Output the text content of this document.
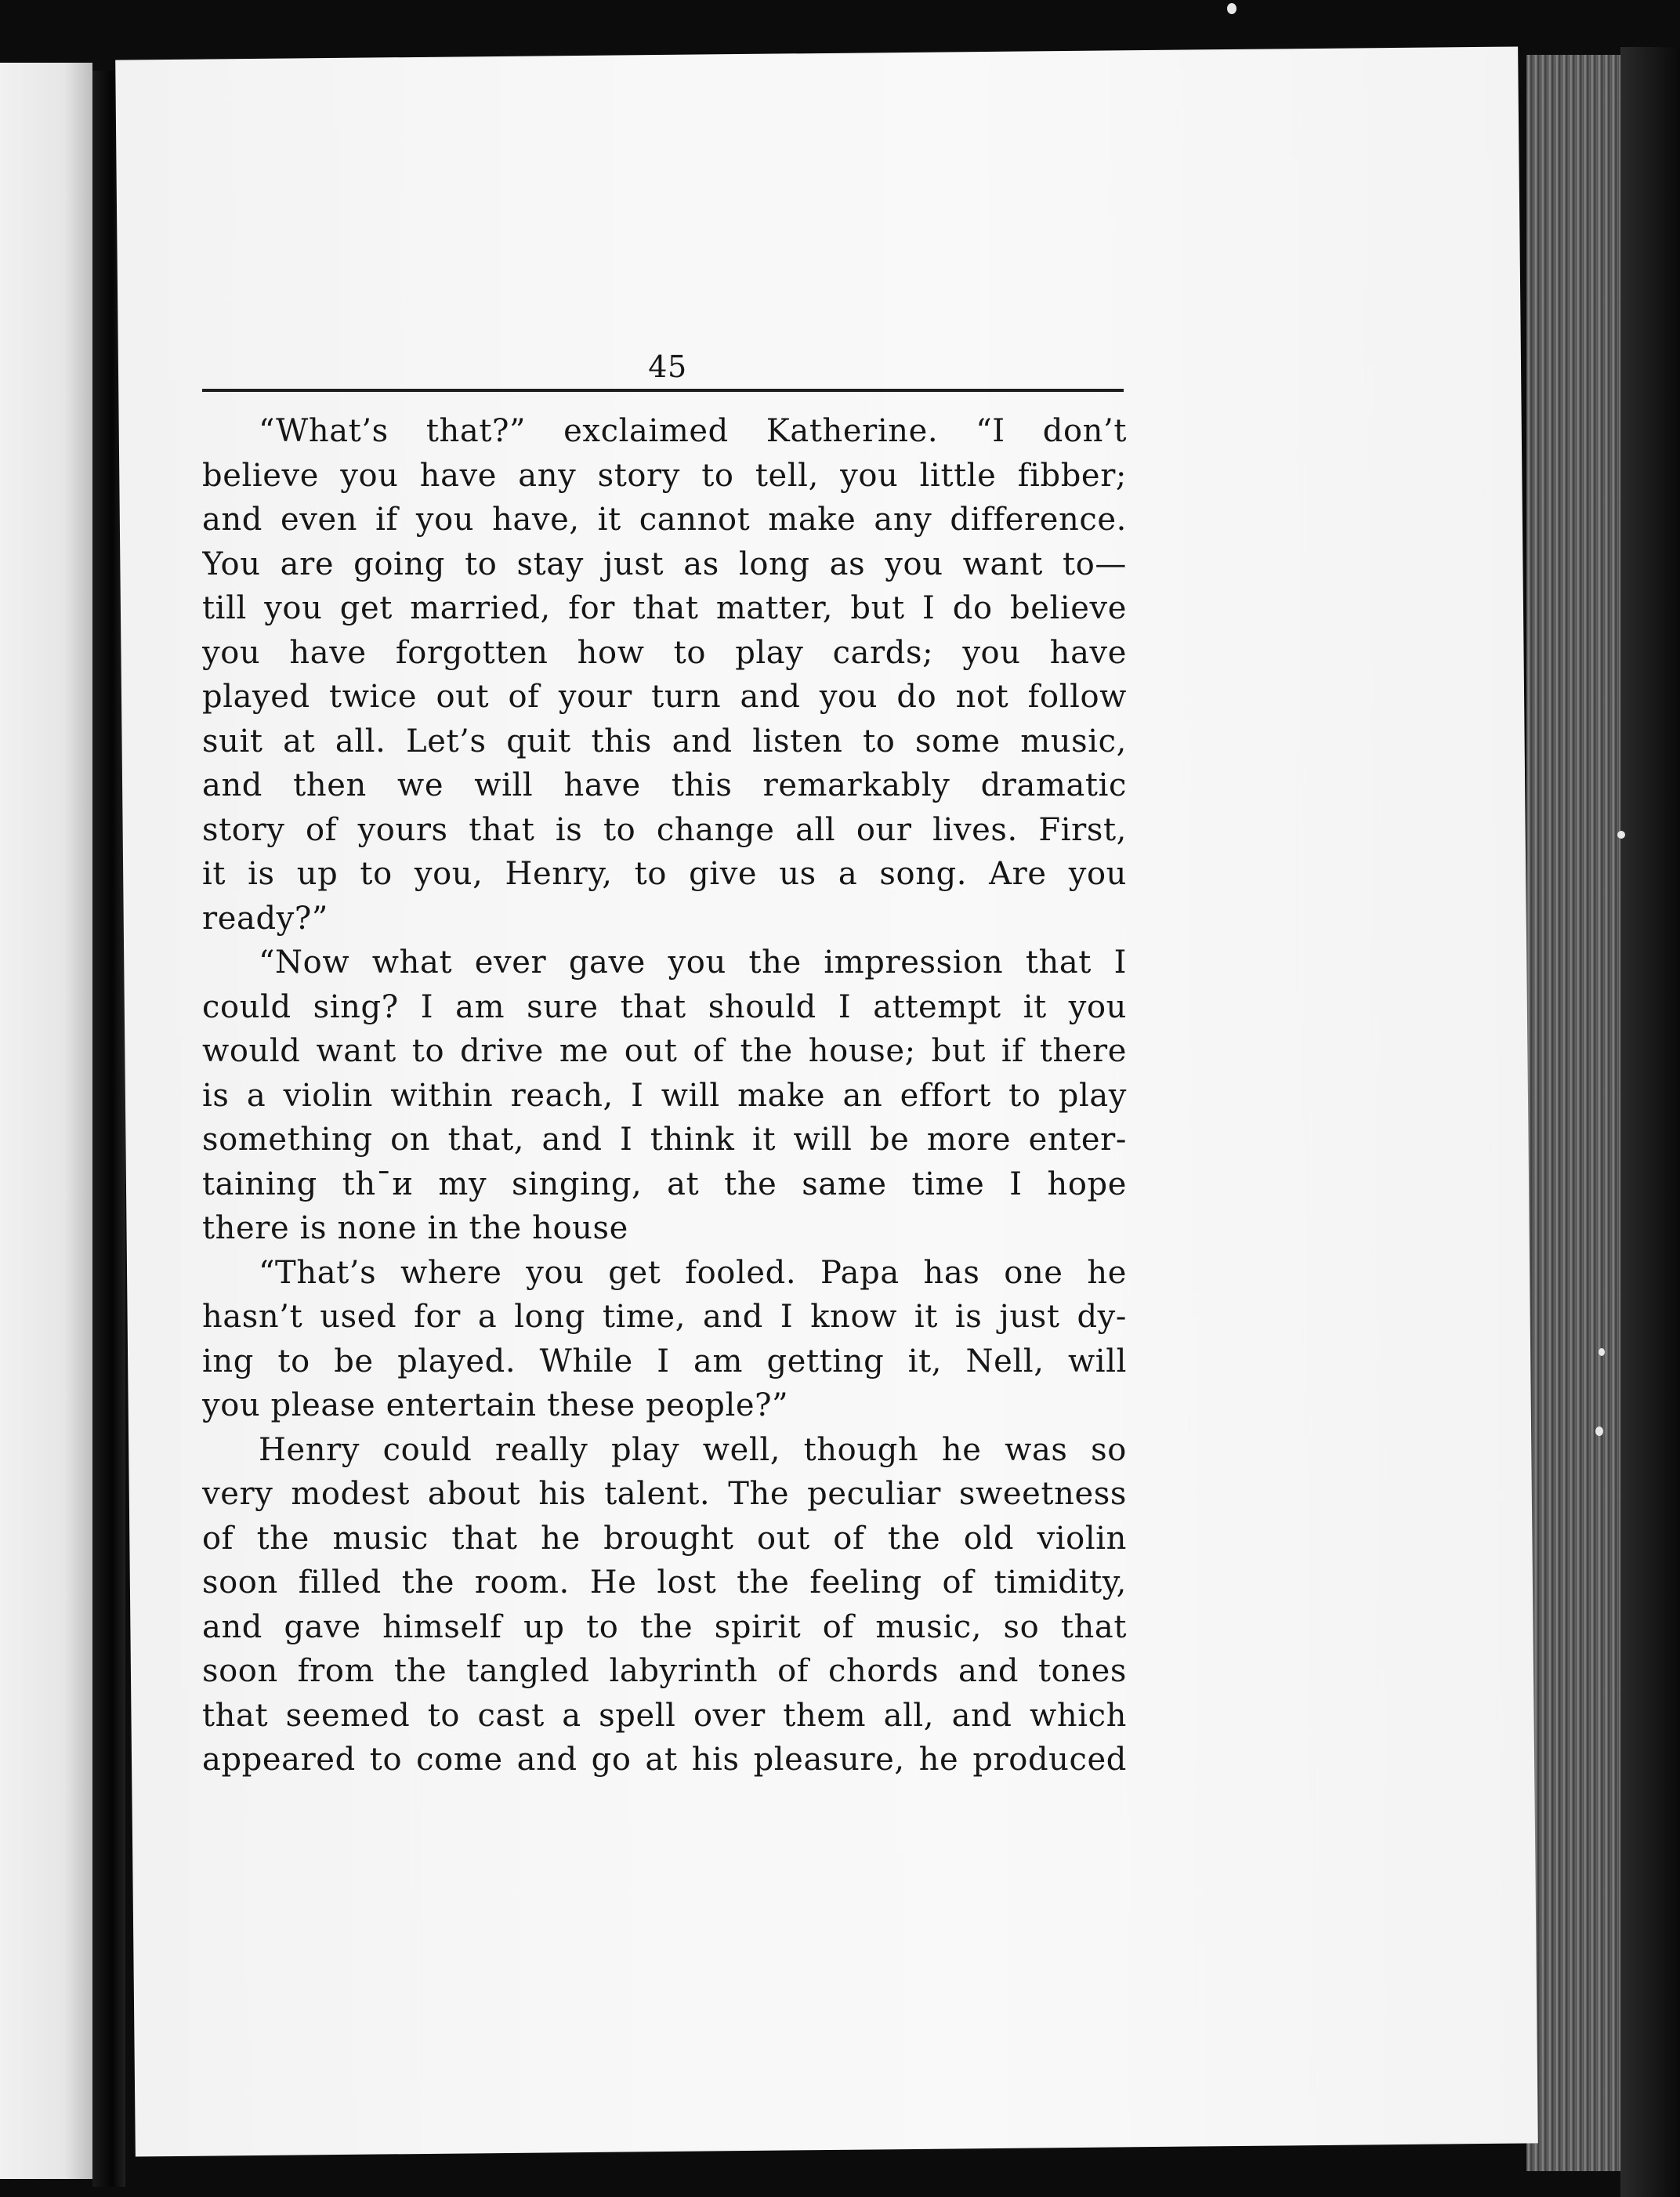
45
“What’s that?” exclaimed Katherine. “I don’t
believe you have any story to tell, you little fibber;
and even if you have, it cannot make any difference.
You are going to stay just as long as you want to—
till you get married, for that matter, but I do believe
you have forgotten how to play cards; you have
played twice out of your turn and you do not follow
suit at all. Let’s quit this and listen to some music,
and then we will have this remarkably dramatic
story of yours that is to change all our lives. First,
it is up to you, Henry, to give us a song. Are you
ready?”
“Now what ever gave you the impression that I
could sing? I am sure that should I attempt it you
would want to drive me out of the house; but if there
is a violin within reach, I will make an effort to play
something on that, and I think it will be more enter-
taining th¯и my singing, at the same time I hope
there is none in the house
“That’s where you get fooled. Papa has one he
hasn’t used for a long time, and I know it is just dy-
ing to be played. While I am getting it, Nell, will
you please entertain these people?”
Henry could really play well, though he was so
very modest about his talent. The peculiar sweetness
of the music that he brought out of the old violin
soon filled the room. He lost the feeling of timidity,
and gave himself up to the spirit of music, so that
soon from the tangled labyrinth of chords and tones
that seemed to cast a spell over them all, and which
appeared to come and go at his pleasure, he produced
